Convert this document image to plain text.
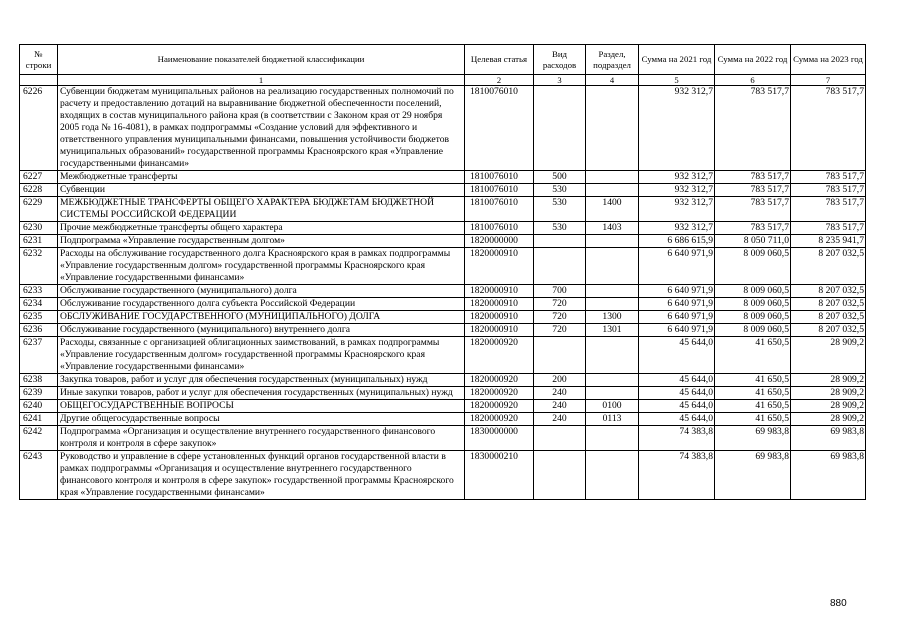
№ строки	Наименование показателей бюджетной классификации	Целевая статья	Вид расходов	Раздел, подраздел	Сумма на 2021 год	Сумма на 2022 год	Сумма на 2023 год
	1	2	3	4	5	6	7
6226	Субвенции бюджетам муниципальных районов на реализацию государственных полномочий по расчету и предоставлению дотаций на выравнивание бюджетной обеспеченности поселений, входящих в состав муниципального района края (в соответствии с Законом края от 29 ноября 2005 года № 16-4081), в рамках подпрограммы «Создание условий для эффективного и ответственного управления муниципальными финансами, повышения устойчивости бюджетов муниципальных образований» государственной программы Красноярского края «Управление государственными финансами»	1810076010			932 312,7	783 517,7	783 517,7
6227	Межбюджетные трансферты	1810076010	500		932 312,7	783 517,7	783 517,7
6228	Субвенции	1810076010	530		932 312,7	783 517,7	783 517,7
6229	МЕЖБЮДЖЕТНЫЕ ТРАНСФЕРТЫ ОБЩЕГО ХАРАКТЕРА БЮДЖЕТАМ БЮДЖЕТНОЙ СИСТЕМЫ РОССИЙСКОЙ ФЕДЕРАЦИИ	1810076010	530	1400	932 312,7	783 517,7	783 517,7
6230	Прочие межбюджетные трансферты общего характера	1810076010	530	1403	932 312,7	783 517,7	783 517,7
6231	Подпрограмма «Управление государственным долгом»	1820000000			6 686 615,9	8 050 711,0	8 235 941,7
6232	Расходы на обслуживание государственного долга Красноярского края в рамках подпрограммы «Управление государственным долгом» государственной программы Красноярского края «Управление государственными финансами»	1820000910			6 640 971,9	8 009 060,5	8 207 032,5
6233	Обслуживание государственного (муниципального) долга	1820000910	700		6 640 971,9	8 009 060,5	8 207 032,5
6234	Обслуживание государственного долга субъекта Российской Федерации	1820000910	720		6 640 971,9	8 009 060,5	8 207 032,5
6235	ОБСЛУЖИВАНИЕ ГОСУДАРСТВЕННОГО (МУНИЦИПАЛЬНОГО) ДОЛГА	1820000910	720	1300	6 640 971,9	8 009 060,5	8 207 032,5
6236	Обслуживание государственного (муниципального) внутреннего долга	1820000910	720	1301	6 640 971,9	8 009 060,5	8 207 032,5
6237	Расходы, связанные с организацией облигационных заимствований, в рамках подпрограммы «Управление государственным долгом» государственной программы Красноярского края «Управление государственными финансами»	1820000920			45 644,0	41 650,5	28 909,2
6238	Закупка товаров, работ и услуг для обеспечения государственных (муниципальных) нужд	1820000920	200		45 644,0	41 650,5	28 909,2
6239	Иные закупки товаров, работ и услуг для обеспечения государственных (муниципальных) нужд	1820000920	240		45 644,0	41 650,5	28 909,2
6240	ОБЩЕГОСУДАРСТВЕННЫЕ ВОПРОСЫ	1820000920	240	0100	45 644,0	41 650,5	28 909,2
6241	Другие общегосударственные вопросы	1820000920	240	0113	45 644,0	41 650,5	28 909,2
6242	Подпрограмма «Организация и осуществление внутреннего государственного финансового контроля и контроля в сфере закупок»	1830000000			74 383,8	69 983,8	69 983,8
6243	Руководство и управление в сфере установленных функций органов государственной власти в рамках подпрограммы «Организация и осуществление внутреннего государственного финансового контроля и контроля в сфере закупок» государственной программы Красноярского края «Управление государственными финансами»	1830000210			74 383,8	69 983,8	69 983,8
880
